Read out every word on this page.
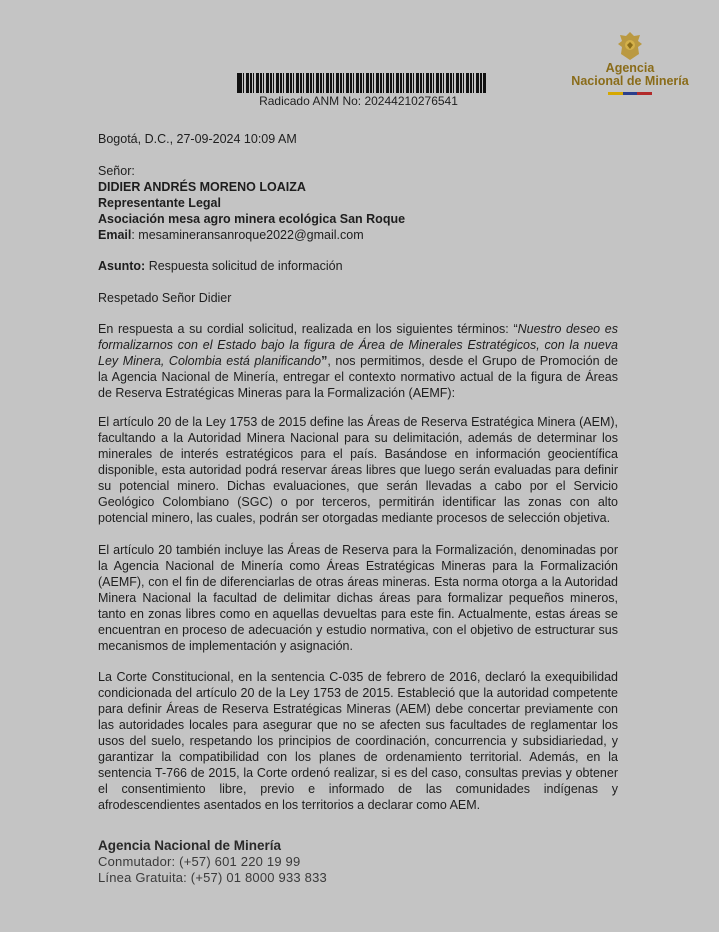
Radicado ANM No: 20244210276541
Agencia
Nacional de Minería
Bogotá, D.C., 27-09-2024 10:09 AM
Señor:
DIDIER ANDRÉS MORENO LOAIZA
Representante Legal
Asociación mesa agro minera ecológica San Roque
Email: mesamineransanroque2022@gmail.com
Asunto: Respuesta solicitud de información
Respetado Señor Didier
En respuesta a su cordial solicitud, realizada en los siguientes términos: “Nuestro deseo es formalizarnos con el Estado bajo la figura de Área de Minerales Estratégicos, con la nueva Ley Minera, Colombia está planificando”, nos permitimos, desde el Grupo de Promoción de la Agencia Nacional de Minería, entregar el contexto normativo actual de la figura de Áreas de Reserva Estratégicas Mineras para la Formalización (AEMF):
El artículo 20 de la Ley 1753 de 2015 define las Áreas de Reserva Estratégica Minera (AEM), facultando a la Autoridad Minera Nacional para su delimitación, además de determinar los minerales de interés estratégicos para el país. Basándose en información geocientífica disponible, esta autoridad podrá reservar áreas libres que luego serán evaluadas para definir su potencial minero. Dichas evaluaciones, que serán llevadas a cabo por el Servicio Geológico Colombiano (SGC) o por terceros, permitirán identificar las zonas con alto potencial minero, las cuales, podrán ser otorgadas mediante procesos de selección objetiva.
El artículo 20 también incluye las Áreas de Reserva para la Formalización, denominadas por la Agencia Nacional de Minería como Áreas Estratégicas Mineras para la Formalización (AEMF), con el fin de diferenciarlas de otras áreas mineras. Esta norma otorga a la Autoridad Minera Nacional la facultad de delimitar dichas áreas para formalizar pequeños mineros, tanto en zonas libres como en aquellas devueltas para este fin. Actualmente, estas áreas se encuentran en proceso de adecuación y estudio normativa, con el objetivo de estructurar sus mecanismos de implementación y asignación.
La Corte Constitucional, en la sentencia C-035 de febrero de 2016, declaró la exequibilidad condicionada del artículo 20 de la Ley 1753 de 2015. Estableció que la autoridad competente para definir Áreas de Reserva Estratégicas Mineras (AEM) debe concertar previamente con las autoridades locales para asegurar que no se afecten sus facultades de reglamentar los usos del suelo, respetando los principios de coordinación, concurrencia y subsidiariedad, y garantizar la compatibilidad con los planes de ordenamiento territorial. Además, en la sentencia T-766 de 2015, la Corte ordenó realizar, si es del caso, consultas previas y obtener el consentimiento libre, previo e informado de las comunidades indígenas y afrodescendientes asentados en los territorios a declarar como AEM.
Agencia Nacional de Minería
Conmutador: (+57) 601 220 19 99
Línea Gratuita: (+57) 01 8000 933 833
